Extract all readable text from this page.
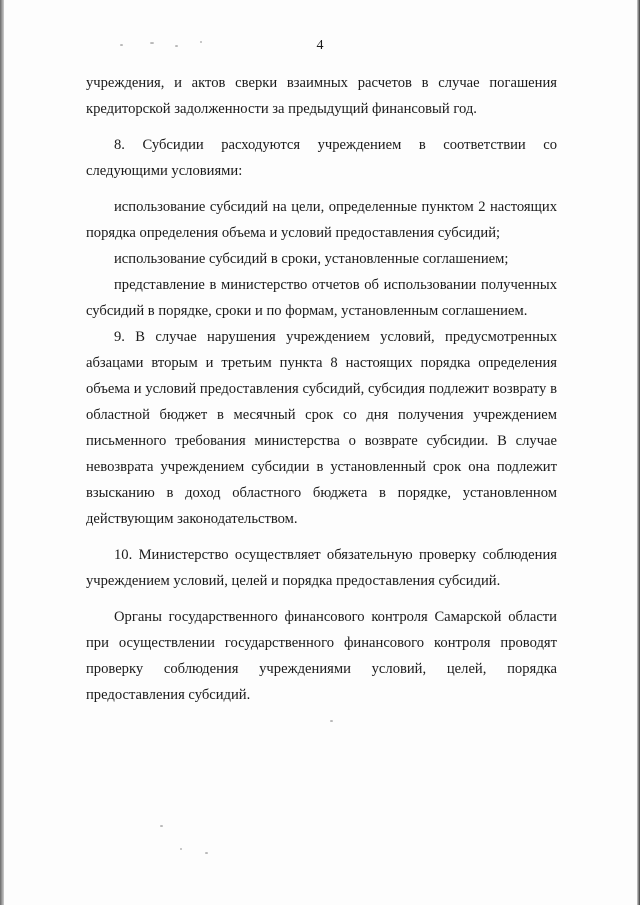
4

учреждения, и актов сверки взаимных расчетов в случае погашения кредиторской задолженности за предыдущий финансовый год.

8. Субсидии расходуются учреждением в соответствии со следующими условиями:

использование субсидий на цели, определенные пунктом 2 настоящих порядка определения объема и условий предоставления субсидий;

использование субсидий в сроки, установленные соглашением;

представление в министерство отчетов об использовании полученных субсидий в порядке, сроки и по формам, установленным соглашением.

9. В случае нарушения учреждением условий, предусмотренных абзацами вторым и третьим пункта 8 настоящих порядка определения объема и условий предоставления субсидий, субсидия подлежит возврату в областной бюджет в месячный срок со дня получения учреждением письменного требования министерства о возврате субсидии. В случае невозврата учреждением субсидии в установленный срок она подлежит взысканию в доход областного бюджета в порядке, установленном действующим законодательством.

10. Министерство осуществляет обязательную проверку соблюдения учреждением условий, целей и порядка предоставления субсидий.

Органы государственного финансового контроля Самарской области при осуществлении государственного финансового контроля проводят проверку соблюдения учреждениями условий, целей, порядка предоставления субсидий.
